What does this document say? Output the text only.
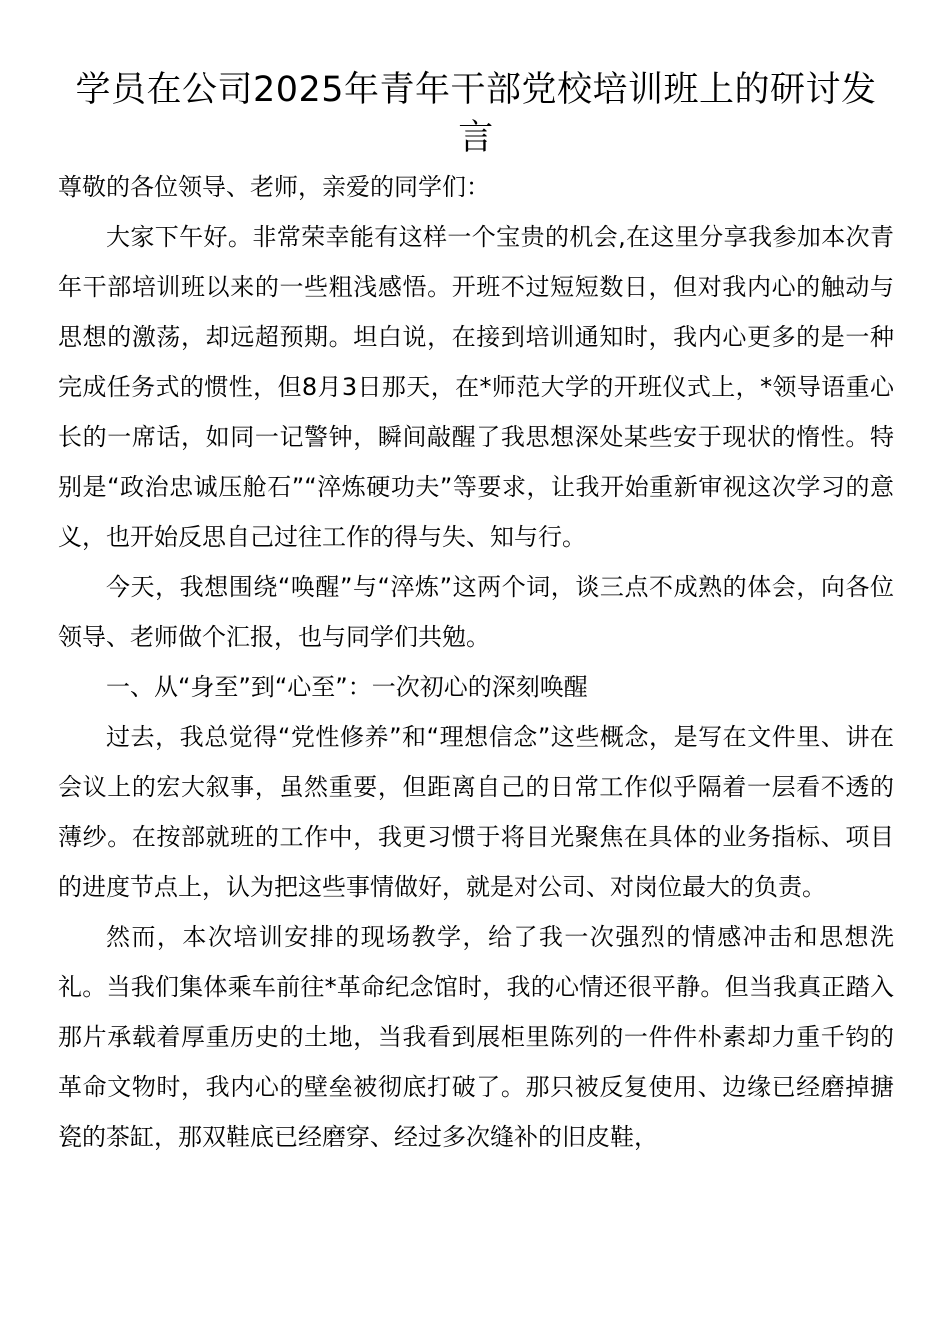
学员在公司2025年青年干部党校培训班上的研讨发言

尊敬的各位领导、老师，亲爱的同学们：

大家下午好。非常荣幸能有这样一个宝贵的机会,在这里分享我参加本次青年干部培训班以来的一些粗浅感悟。开班不过短短数日，但对我内心的触动与思想的激荡，却远超预期。坦白说，在接到培训通知时，我内心更多的是一种完成任务式的惯性，但8月3日那天，在*师范大学的开班仪式上，*领导语重心长的一席话，如同一记警钟，瞬间敲醒了我思想深处某些安于现状的惰性。特别是“政治忠诚压舱石”“淬炼硬功夫”等要求，让我开始重新审视这次学习的意义，也开始反思自己过往工作的得与失、知与行。

今天，我想围绕“唤醒”与“淬炼”这两个词，谈三点不成熟的体会，向各位领导、老师做个汇报，也与同学们共勉。

一、从“身至”到“心至”：一次初心的深刻唤醒

过去，我总觉得“党性修养”和“理想信念”这些概念，是写在文件里、讲在会议上的宏大叙事，虽然重要，但距离自己的日常工作似乎隔着一层看不透的薄纱。在按部就班的工作中，我更习惯于将目光聚焦在具体的业务指标、项目的进度节点上，认为把这些事情做好，就是对公司、对岗位最大的负责。

然而，本次培训安排的现场教学，给了我一次强烈的情感冲击和思想洗礼。当我们集体乘车前往*革命纪念馆时，我的心情还很平静。但当我真正踏入那片承载着厚重历史的土地，当我看到展柜里陈列的一件件朴素却力重千钧的革命文物时，我内心的壁垒被彻底打破了。那只被反复使用、边缘已经磨掉搪瓷的茶缸，那双鞋底已经磨穿、经过多次缝补的旧皮鞋，
